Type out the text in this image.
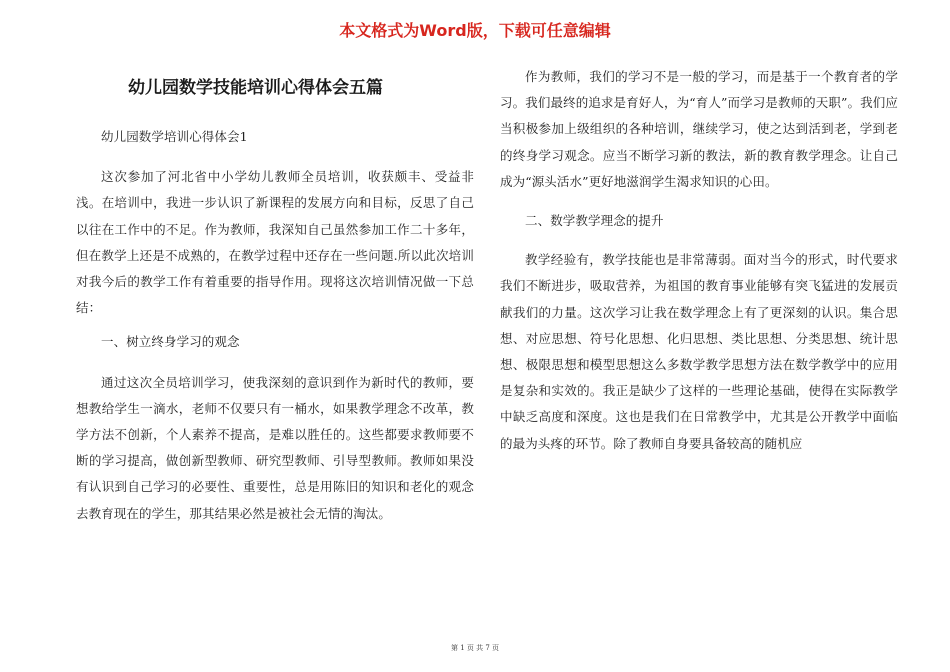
本文格式为Word版，下载可任意编辑
幼儿园数学技能培训心得体会五篇

幼儿园数学培训心得体会1

这次参加了河北省中小学幼儿教师全员培训，收获颇丰、受益非浅。在培训中，我进一步认识了新课程的发展方向和目标，反思了自己以往在工作中的不足。作为教师，我深知自己虽然参加工作二十多年，但在教学上还是不成熟的，在教学过程中还存在一些问题.所以此次培训对我今后的教学工作有着重要的指导作用。现将这次培训情况做一下总结：

一、树立终身学习的观念

通过这次全员培训学习，使我深刻的意识到作为新时代的教师，要想教给学生一滴水，老师不仅要只有一桶水，如果教学理念不改革，教学方法不创新，个人素养不提高，是难以胜任的。这些都要求教师要不断的学习提高，做创新型教师、研究型教师、引导型教师。教师如果没有认识到自己学习的必要性、重要性，总是用陈旧的知识和老化的观念去教育现在的学生，那其结果必然是被社会无情的淘汰。

作为教师，我们的学习不是一般的学习，而是基于一个教育者的学习。我们最终的追求是育好人，为“育人”而学习是教师的天职”。我们应当积极参加上级组织的各种培训，继续学习，使之达到活到老，学到老的终身学习观念。应当不断学习新的教法，新的教育教学理念。让自己成为“源头活水”更好地滋润学生渴求知识的心田。

二、数学教学理念的提升

教学经验有，教学技能也是非常薄弱。面对当今的形式，时代要求我们不断进步，吸取营养，为祖国的教育事业能够有突飞猛进的发展贡献我们的力量。这次学习让我在数学理念上有了更深刻的认识。集合思想、对应思想、符号化思想、化归思想、类比思想、分类思想、统计思想、极限思想和模型思想这么多数学教学思想方法在数学教学中的应用是复杂和实效的。我正是缺少了这样的一些理论基础，使得在实际教学中缺乏高度和深度。这也是我们在日常教学中，尤其是公开教学中面临的最为头疼的环节。除了教师自身要具备较高的随机应

第 1 页 共 7 页
